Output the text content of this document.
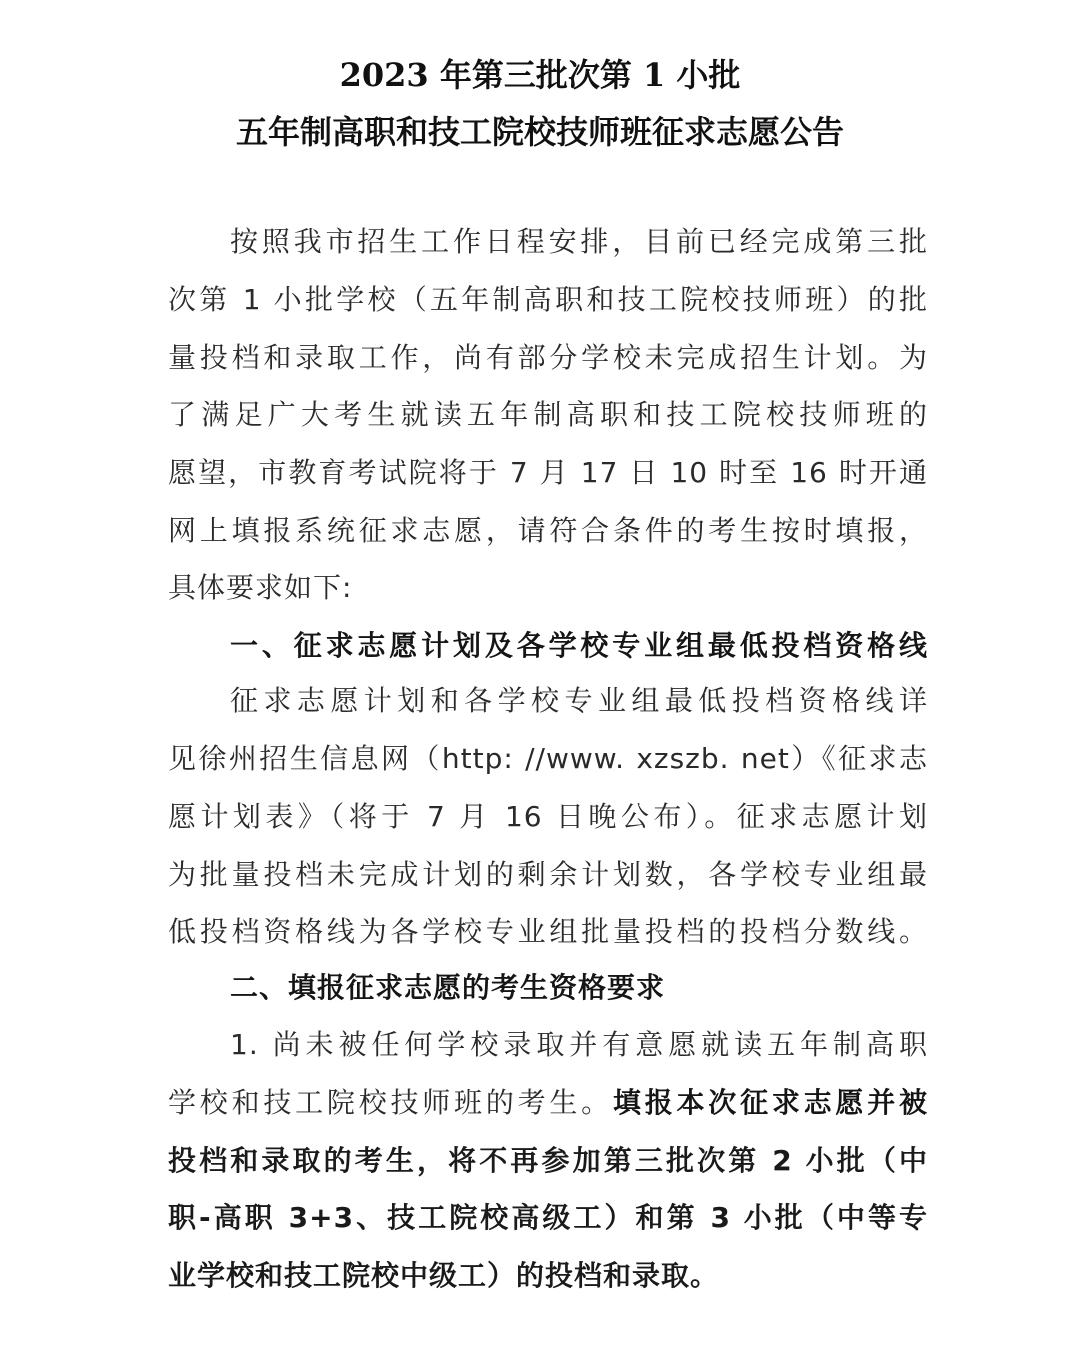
2023 年第三批次第 1 小批
五年制高职和技工院校技师班征求志愿公告
按照我市招生工作日程安排，目前已经完成第三批
次第 1 小批学校（五年制高职和技工院校技师班）的批
量投档和录取工作，尚有部分学校未完成招生计划。为
了满足广大考生就读五年制高职和技工院校技师班的
愿望，市教育考试院将于 7 月 17 日 10 时至 16 时开通
网上填报系统征求志愿，请符合条件的考生按时填报，
具体要求如下:
一、征求志愿计划及各学校专业组最低投档资格线
征求志愿计划和各学校专业组最低投档资格线详
见徐州招生信息网（http: //www. xzszb. net）《征求志
愿计划表》（将于 7 月 16 日晚公布）。征求志愿计划
为批量投档未完成计划的剩余计划数，各学校专业组最
低投档资格线为各学校专业组批量投档的投档分数线。
二、填报征求志愿的考生资格要求
1. 尚未被任何学校录取并有意愿就读五年制高职
学校和技工院校技师班的考生。填报本次征求志愿并被
投档和录取的考生，将不再参加第三批次第 2 小批（中
职-高职 3+3、技工院校高级工）和第 3 小批（中等专
业学校和技工院校中级工）的投档和录取。
